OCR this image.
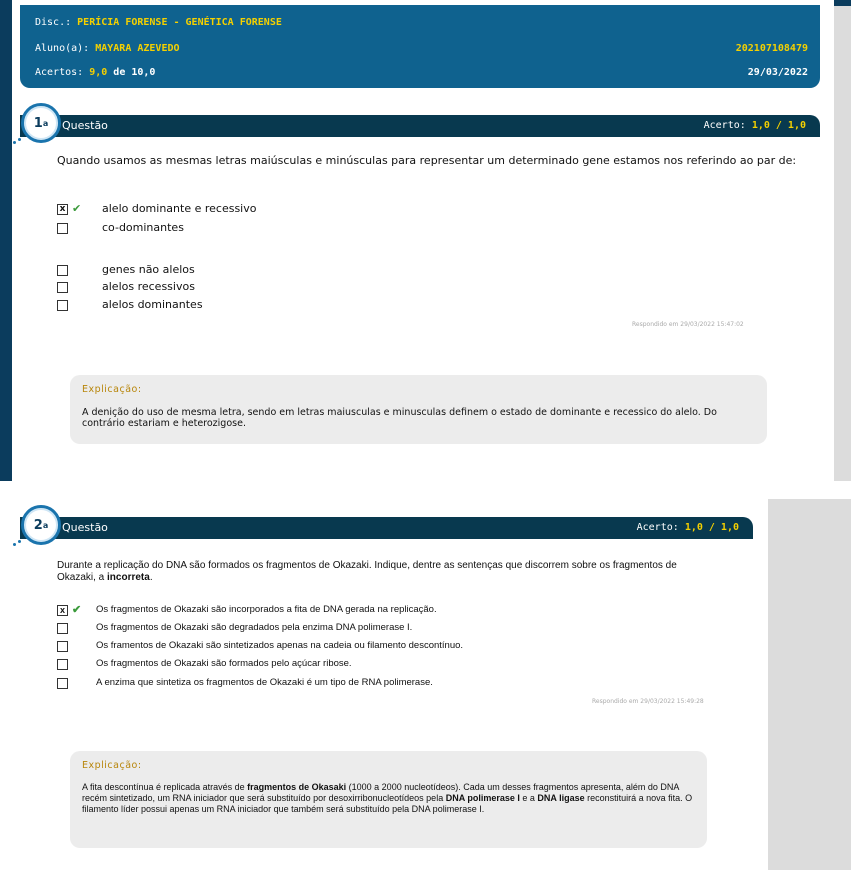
Disc.: PERÍCIA FORENSE - GENÉTICA FORENSE
Aluno(a): MAYARA AZEVEDO	202107108479
Acertos: 9,0 de 10,0	29/03/2022
Questão	Acerto: 1,0 / 1,0
1 a
Quando usamos as mesmas letras maiúsculas e minúsculas para representar um determinado gene estamos nos referindo ao par de:
x ✔ alelo dominante e recessivo
co-dominantes
genes não alelos
alelos recessivos
alelos dominantes
Respondido em 29/03/2022 15:47:02
Explicação:
A denição do uso de mesma letra, sendo em letras maiusculas e minusculas definem o estado de dominante e recessico do alelo. Do contrário estariam e heterozigose.
Questão	Acerto: 1,0 / 1,0
2 a
Durante a replicação do DNA são formados os fragmentos de Okazaki. Indique, dentre as sentenças que discorrem sobre os fragmentos de Okazaki, a incorreta.
x ✔ Os fragmentos de Okazaki são incorporados a fita de DNA gerada na replicação.
Os fragmentos de Okazaki são degradados pela enzima DNA polimerase I.
Os framentos de Okazaki são sintetizados apenas na cadeia ou filamento descontínuo.
Os fragmentos de Okazaki são formados pelo açúcar ribose.
A enzima que sintetiza os fragmentos de Okazaki é um tipo de RNA polimerase.
Respondido em 29/03/2022 15:49:28
Explicação:
A fita descontínua é replicada através de fragmentos de Okasaki (1000 a 2000 nucleotídeos). Cada um desses fragmentos apresenta, além do DNA recém sintetizado, um RNA iniciador que será substituído por desoxirribonucleotídeos pela DNA polimerase I e a DNA ligase reconstituirá a nova fita. O filamento líder possui apenas um RNA iniciador que também será substituído pela DNA polimerase I.
